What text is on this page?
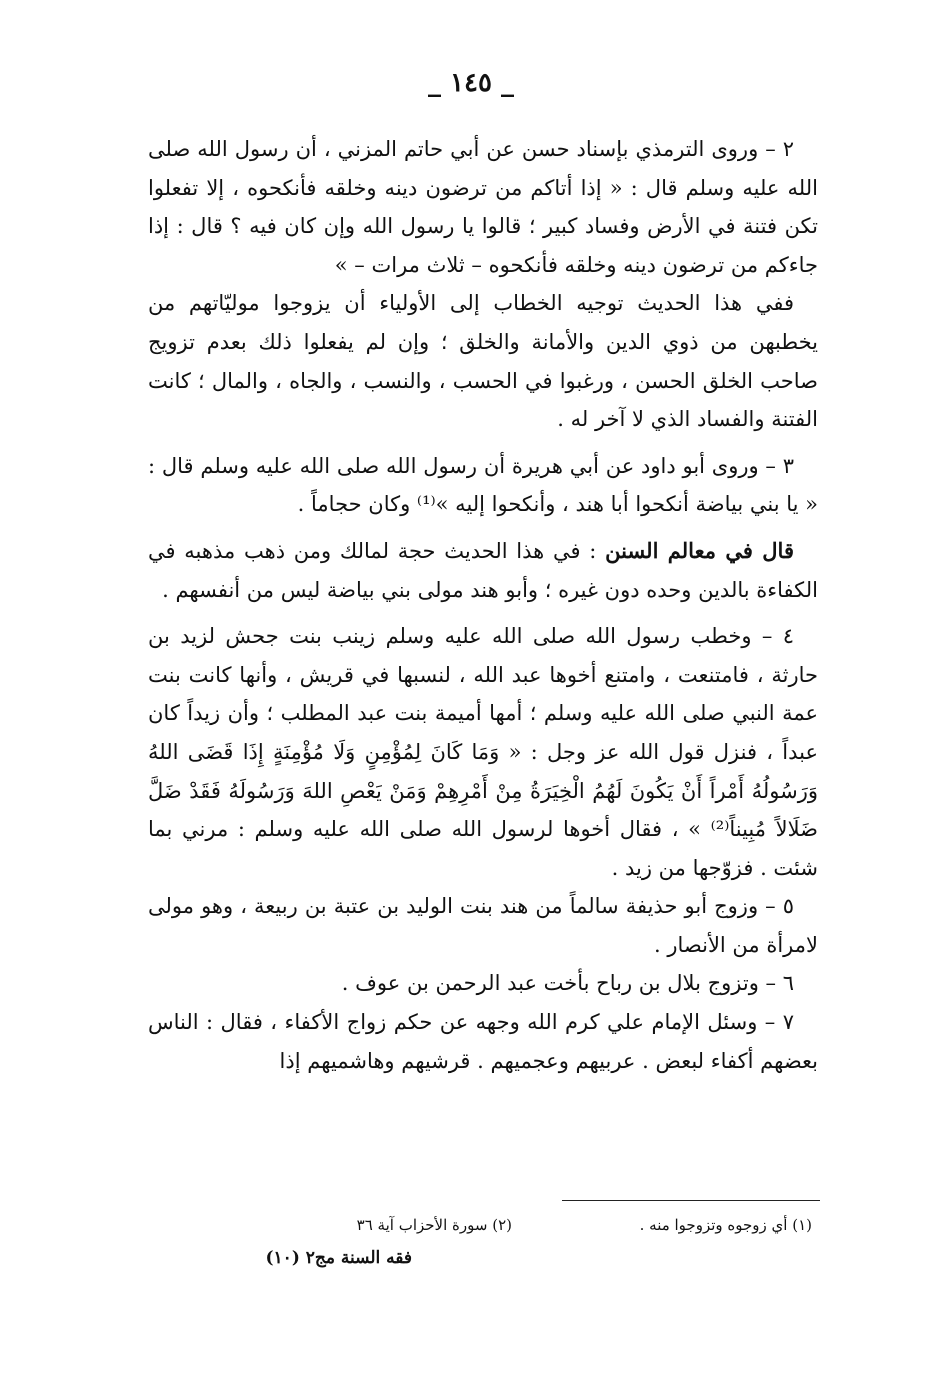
_ ١٤٥ _

٢ – وروى الترمذي بإسناد حسن عن أبي حاتم المزني ، أن رسول الله صلى الله عليه وسلم قال : « إذا أتاكم من ترضون دينه وخلقه فأنكحوه ، إلا تفعلوا تكن فتنة في الأرض وفساد كبير ؛ قالوا يا رسول الله وإن كان فيه ؟ قال : إذا جاءكم من ترضون دينه وخلقه فأنكحوه – ثلاث مرات – »

ففي هذا الحديث توجيه الخطاب إلى الأولياء أن يزوجوا موليّاتهم من يخطبهن من ذوي الدين والأمانة والخلق ؛ وإن لم يفعلوا ذلك بعدم تزويج صاحب الخلق الحسن ، ورغبوا في الحسب ، والنسب ، والجاه ، والمال ؛ كانت الفتنة والفساد الذي لا آخر له .

٣ – وروى أبو داود عن أبي هريرة أن رسول الله صلى الله عليه وسلم قال : « يا بني بياضة أنكحوا أبا هند ، وأنكحوا إليه »⁽¹⁾ وكان حجاماً .

قال في معالم السنن : في هذا الحديث حجة لمالك ومن ذهب مذهبه في الكفاءة بالدين وحده دون غيره ؛ وأبو هند مولى بني بياضة ليس من أنفسهم .

٤ – وخطب رسول الله صلى الله عليه وسلم زينب بنت جحش لزيد بن حارثة ، فامتنعت ، وامتنع أخوها عبد الله ، لنسبها في قريش ، وأنها كانت بنت عمة النبي صلى الله عليه وسلم ؛ أمها أميمة بنت عبد المطلب ؛ وأن زيداً كان عبداً ، فنزل قول الله عز وجل : « وَمَا كَانَ لِمُؤْمِنٍ وَلَا مُؤْمِنَةٍ إِذَا قَضَى اللهُ وَرَسُولُهُ أَمْراً أَنْ يَكُونَ لَهُمُ الْخِيَرَةُ مِنْ أَمْرِهِمْ وَمَنْ يَعْصِ اللهَ وَرَسُولَهُ فَقَدْ ضَلَّ ضَلَالاً مُبِيناً⁽²⁾ » ، فقال أخوها لرسول الله صلى الله عليه وسلم : مرني بما شئت . فزوّجها من زيد .

٥ – وزوج أبو حذيفة سالماً من هند بنت الوليد بن عتبة بن ربيعة ، وهو مولى لامرأة من الأنصار .

٦ – وتزوج بلال بن رباح بأخت عبد الرحمن بن عوف .

٧ – وسئل الإمام علي كرم الله وجهه عن حكم زواج الأكفاء ، فقال : الناس بعضهم أكفاء لبعض . عربيهم وعجميهم . قرشيهم وهاشميهم إذا

(١) أي زوجوه وتزوجوا منه .
(٢) سورة الأحزاب آية ٣٦
فقه السنة مج٢ (١٠)
